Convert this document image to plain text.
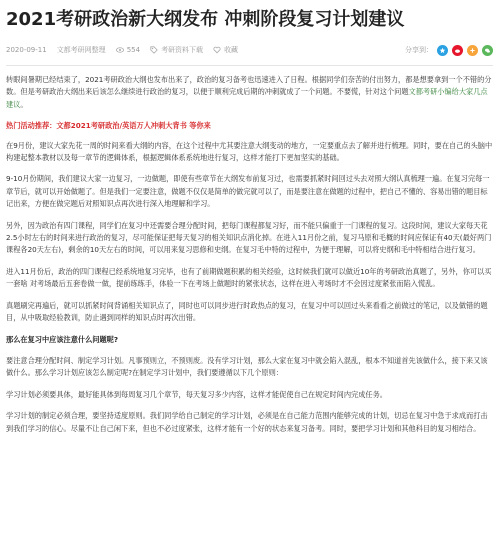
2021考研政治新大纲发布 冲刺阶段复习计划建议
2020-09-11 文都考研网整理	554	考研资料下载	收藏	分享到：

转眼间暑期已经结束了，2021考研政治大纲也发布出来了，政治的复习备考也迅速进入了日程。根据同学们奈苦的付出努力，都是想要拿到一个不错的分数。但是考研政治大纲出来后该怎么继续进行政治的复习，以便于顺利完成后期的冲刺就成了一个问题。不要慌，针对这个问题文都考研小编给大家几点建议。

热门活动推荐：文都2021考研政治/英语万人冲刺大背书 等你来

在9月份，建议大家先花一周的时间来看大纲的内容，在这个过程中尤其要注意大纲变动的地方，一定要重点去了解并进行梳理。同时，要在自己的头脑中构建起整本教材以及每一章节的逻辑体系，根据逻辑体系系统地进行复习，这样才能打下更加坚实的基础。

9-10月份期间，我们建议大家一边复习，一边做题，即使有些章节在大纲发布前复习过，也需要抓紧时间回过头去对照大纲认真梳理一遍。在复习完每一章节后，就可以开始做题了。但是我们一定要注意，做题不仅仅是简单的做完就可以了，而是要注意在做题的过程中，把自己不懂的、容易出错的题目标记出来，方便在做完题后对照知识点再次进行深入地理解和学习。

另外，因为政治有四门课程，同学们在复习中还需要合理分配时间，把每门课程都复习好，而不能只偏重于一门课程的复习。这段时间，建议大家每天花2.5小时左右的时间来进行政治的复习，尽可能保证把每天复习的相关知识点消化掉。在进入11月份之前，复习马原和毛概的时间应保证有40天(最好两门课程各20天左右)，剩余的10天左右的时间，可以用来复习思修和史纲。在复习毛中特的过程中，为便于理解，可以将史纲和毛中特相结合进行复习。

进入11月份后，政治的四门课程已经系统地复习完毕，也有了前期做题积累的相关经验，这时候我们就可以做近10年的考研政治真题了，另外，你可以买一套啥 对考场最后五套卷做一做，提前练练手，体验一下在考场上做题时的紧张状态，这样在进入考场时才不会因过度紧张而陷入慌乱。

真题刷完再遍后，就可以抓紧时间背诵相关知识点了，同时也可以同步进行时政热点的复习，在复习中可以回过头来看看之前做过的笔记，以及做错的题目，从中吸取经验教训，防止遇到同样的知识点时再次出错。

那么在复习中应该注意什么问题呢?

要注意合理分配时间、制定学习计划。凡事预则立，不预则废。没有学习计划，那么大家在复习中就会陷入混乱，根本不知道首先该做什么，接下来又该做什么。那么学习计划应该怎么制定呢?在制定学习计划中，我们要遵循以下几个原则：

学习计划必须要具体，最好能具体到每周复习几个章节，每天复习多少内容，这样才能促使自己在规定时间内完成任务。

学习计划的制定必须合理，要坚持适度原则。我们同学给自己制定的学习计划，必须是在自己能力范围内能够完成的计划，切忌在复习中急于求成而打击到我们学习的信心。尽量不让自己闲下来，但也不必过度紧张，这样才能有一个好的状态来复习备考。同时，要把学习计划和其他科目的复习相结合。
